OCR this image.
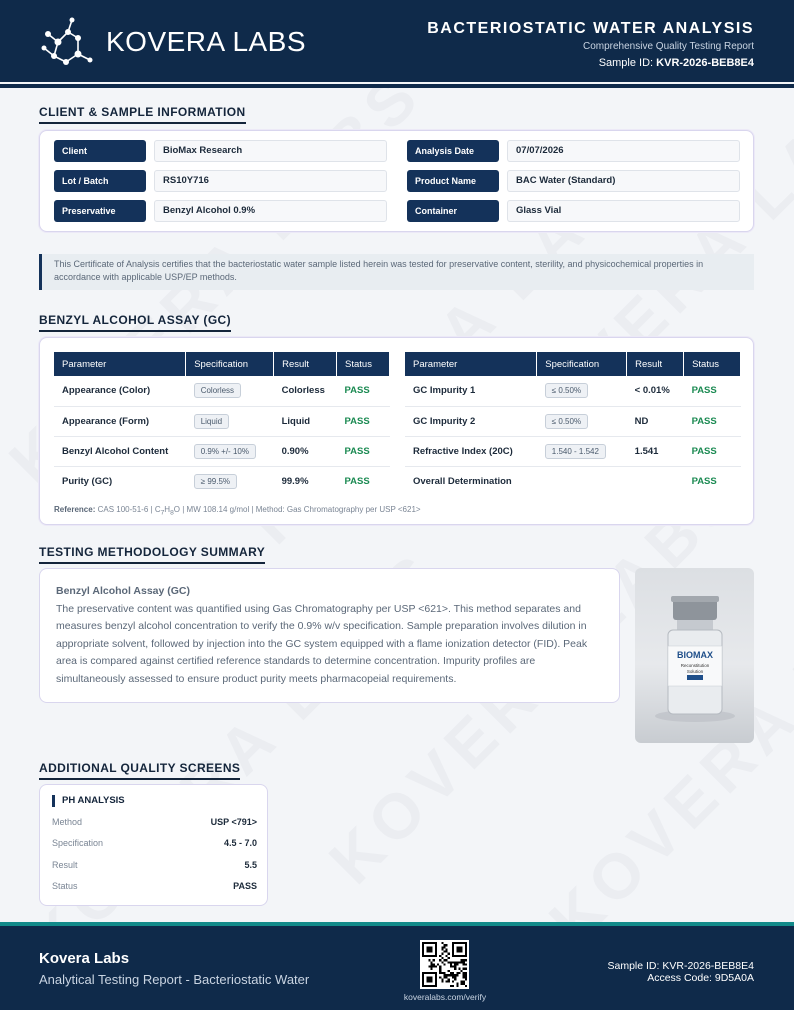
KOVERA LABS	BACTERIOSTATIC WATER ANALYSIS
Comprehensive Quality Testing Report
Sample ID: KVR-2026-BEB8E4
CLIENT & SAMPLE INFORMATION
Client	BioMax Research	Analysis Date	07/07/2026
Lot / Batch	RS10Y716	Product Name	BAC Water (Standard)
Preservative	Benzyl Alcohol 0.9%	Container	Glass Vial
This Certificate of Analysis certifies that the bacteriostatic water sample listed herein was tested for preservative content, sterility, and physicochemical properties in accordance with applicable USP/EP methods.
BENZYL ALCOHOL ASSAY (GC)
Parameter	Specification	Result	Status
Appearance (Color)	Colorless	Colorless	PASS
Appearance (Form)	Liquid	Liquid	PASS
Benzyl Alcohol Content	0.9% +/- 10%	0.90%	PASS
Purity (GC)	≥ 99.5%	99.9%	PASS
Parameter	Specification	Result	Status
GC Impurity 1	≤ 0.50%	< 0.01%	PASS
GC Impurity 2	≤ 0.50%	ND	PASS
Refractive Index (20C)	1.540 - 1.542	1.541	PASS
Overall Determination			PASS
Reference: CAS 100-51-6 | $C_7H_8O$ | MW 108.14 g/mol | Method: Gas Chromatography per USP <621>
TESTING METHODOLOGY SUMMARY
Benzyl Alcohol Assay (GC)
The preservative content was quantified using Gas Chromatography per USP <621>. This method separates and measures benzyl alcohol concentration to verify the 0.9% w/v specification. Sample preparation involves dilution in appropriate solvent, followed by injection into the GC system equipped with a flame ionization detector (FID). Peak area is compared against certified reference standards to determine concentration. Impurity profiles are simultaneously assessed to ensure product purity meets pharmacopeial requirements.
BIOMAX
Reconstitution
Solution
ADDITIONAL QUALITY SCREENS
PH ANALYSIS
Method	USP <791>
Specification	4.5 - 7.0
Result	5.5
Status	PASS
Kovera Labs
Analytical Testing Report - Bacteriostatic Water
koveralabs.com/verify
Sample ID: KVR-2026-BEB8E4
Access Code: 9D5A0A
